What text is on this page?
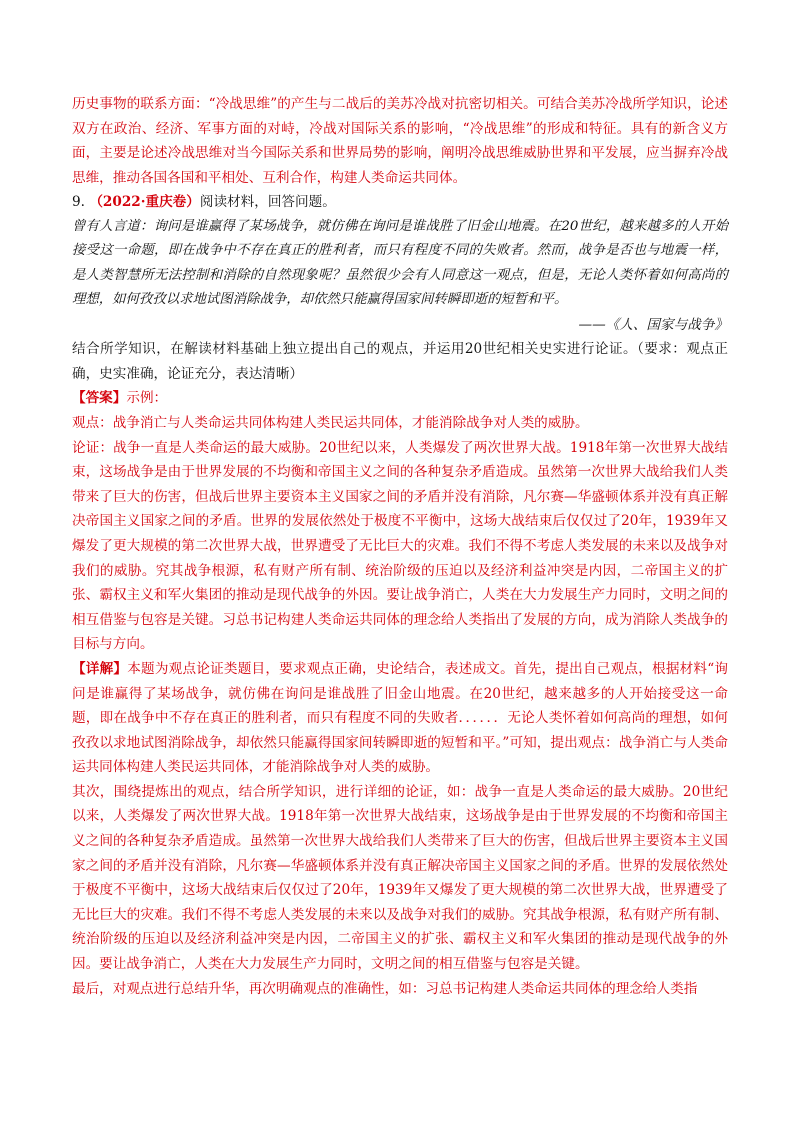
历史事物的联系方面：“冷战思维”的产生与二战后的美苏冷战对抗密切相关。可结合美苏冷战所学知识，论述双方在政治、经济、军事方面的对峙，冷战对国际关系的影响，“冷战思维”的形成和特征。具有的新含义方面，主要是论述冷战思维对当今国际关系和世界局势的影响，阐明冷战思维威胁世界和平发展，应当摒弃冷战思维，推动各国各国和平相处、互利合作，构建人类命运共同体。

9. （2022·重庆卷）阅读材料，回答问题。

曾有人言道：询问是谁赢得了某场战争，就仿佛在询问是谁战胜了旧金山地震。在20世纪，越来越多的人开始接受这一命题，即在战争中不存在真正的胜利者，而只有程度不同的失败者。然而，战争是否也与地震一样，是人类智慧所无法控制和消除的自然现象呢？虽然很少会有人同意这一观点，但是，无论人类怀着如何高尚的理想，如何孜孜以求地试图消除战争，却依然只能赢得国家间转瞬即逝的短暂和平。

——《人、国家与战争》

结合所学知识，在解读材料基础上独立提出自己的观点，并运用20世纪相关史实进行论证。（要求：观点正确，史实准确，论证充分，表达清晰）

【答案】示例：

观点：战争消亡与人类命运共同体构建人类民运共同体，才能消除战争对人类的威胁。

论证：战争一直是人类命运的最大威胁。20世纪以来，人类爆发了两次世界大战。1918年第一次世界大战结束，这场战争是由于世界发展的不均衡和帝国主义之间的各种复杂矛盾造成。虽然第一次世界大战给我们人类带来了巨大的伤害，但战后世界主要资本主义国家之间的矛盾并没有消除，凡尔赛—华盛顿体系并没有真正解决帝国主义国家之间的矛盾。世界的发展依然处于极度不平衡中，这场大战结束后仅仅过了20年，1939年又爆发了更大规模的第二次世界大战，世界遭受了无比巨大的灾难。我们不得不考虑人类发展的未来以及战争对我们的威胁。究其战争根源，私有财产所有制、统治阶级的压迫以及经济利益冲突是内因，二帝国主义的扩张、霸权主义和军火集团的推动是现代战争的外因。要让战争消亡，人类在大力发展生产力同时，文明之间的相互借鉴与包容是关键。习总书记构建人类命运共同体的理念给人类指出了发展的方向，成为消除人类战争的目标与方向。

【详解】本题为观点论证类题目，要求观点正确，史论结合，表述成文。首先，提出自己观点，根据材料“询问是谁赢得了某场战争，就仿佛在询问是谁战胜了旧金山地震。在20世纪，越来越多的人开始接受这一命题，即在战争中不存在真正的胜利者，而只有程度不同的失败者．．．．．．无论人类怀着如何高尚的理想，如何孜孜以求地试图消除战争，却依然只能赢得国家间转瞬即逝的短暂和平。”可知，提出观点：战争消亡与人类命运共同体构建人类民运共同体，才能消除战争对人类的威胁。

其次，围绕提炼出的观点，结合所学知识，进行详细的论证，如：战争一直是人类命运的最大威胁。20世纪以来，人类爆发了两次世界大战。1918年第一次世界大战结束，这场战争是由于世界发展的不均衡和帝国主义之间的各种复杂矛盾造成。虽然第一次世界大战给我们人类带来了巨大的伤害，但战后世界主要资本主义国家之间的矛盾并没有消除，凡尔赛—华盛顿体系并没有真正解决帝国主义国家之间的矛盾。世界的发展依然处于极度不平衡中，这场大战结束后仅仅过了20年，1939年又爆发了更大规模的第二次世界大战，世界遭受了无比巨大的灾难。我们不得不考虑人类发展的未来以及战争对我们的威胁。究其战争根源，私有财产所有制、统治阶级的压迫以及经济利益冲突是内因，二帝国主义的扩张、霸权主义和军火集团的推动是现代战争的外因。要让战争消亡，人类在大力发展生产力同时，文明之间的相互借鉴与包容是关键。

最后，对观点进行总结升华，再次明确观点的准确性，如：习总书记构建人类命运共同体的理念给人类指
